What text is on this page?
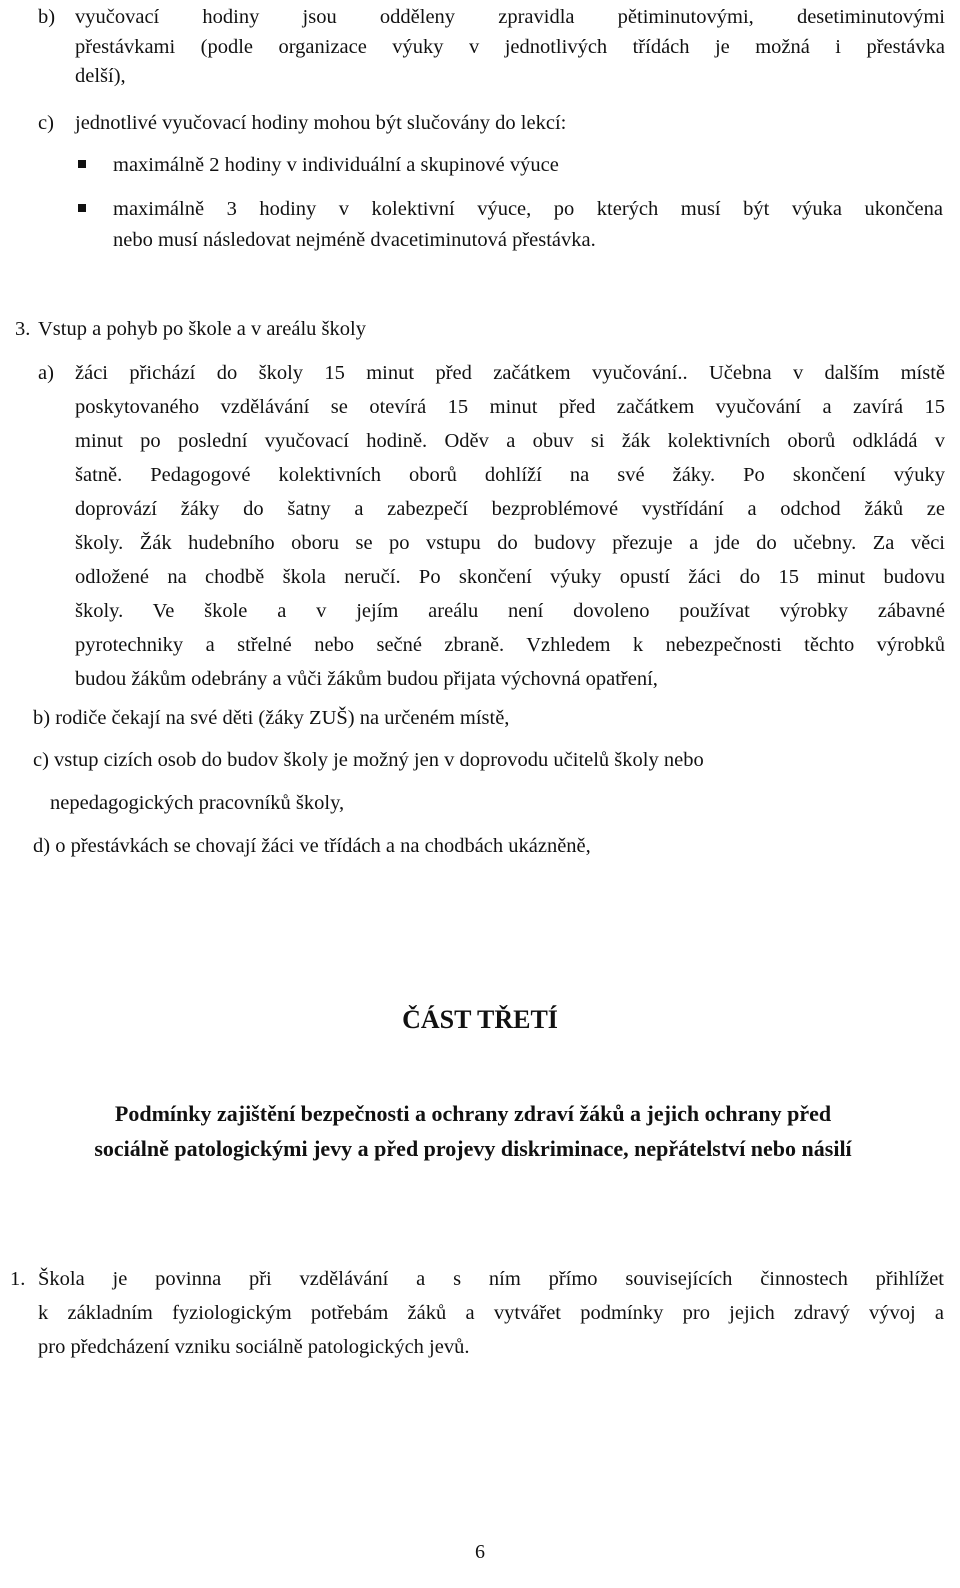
b) vyučovací hodiny jsou odděleny zpravidla pětiminutovými, desetiminutovými
přestávkami (podle organizace výuky v jednotlivých třídách je možná i přestávka
delší),
c) jednotlivé vyučovací hodiny mohou být slučovány do lekcí:
maximálně 2 hodiny v individuální a skupinové výuce
maximálně 3 hodiny v kolektivní výuce, po kterých musí být výuka ukončena
nebo musí následovat nejméně dvacetiminutová přestávka.
3. Vstup a pohyb po škole a v areálu školy
a) žáci přichází do školy 15 minut před začátkem vyučování.. Učebna v dalším místě
poskytovaného vzdělávání se otevírá 15 minut před začátkem vyučování a zavírá 15
minut po poslední vyučovací hodině. Oděv a obuv si žák kolektivních oborů odkládá v
šatně. Pedagogové kolektivních oborů dohlíží na své žáky. Po skončení výuky
doprovází žáky do šatny a zabezpečí bezproblémové vystřídání a odchod žáků ze
školy. Žák hudebního oboru se po vstupu do budovy přezuje a jde do učebny. Za věci
odložené na chodbě škola neručí. Po skončení výuky opustí žáci do 15 minut budovu
školy. Ve škole a v jejím areálu není dovoleno používat výrobky zábavné
pyrotechniky a střelné nebo sečné zbraně. Vzhledem k nebezpečnosti těchto výrobků
budou žákům odebrány a vůči žákům budou přijata výchovná opatření,
b) rodiče čekají na své děti (žáky ZUŠ) na určeném místě,
c) vstup cizích osob do budov školy je možný jen v doprovodu učitelů školy nebo
nepedagogických pracovníků školy,
d) o přestávkách se chovají žáci ve třídách a na chodbách ukázněně,
ČÁST TŘETÍ
Podmínky zajištění bezpečnosti a ochrany zdraví žáků a jejich ochrany před
sociálně patologickými jevy a před projevy diskriminace, nepřátelství nebo násilí
1. Škola je povinna při vzdělávání a s ním přímo souvisejících činnostech přihlížet
k základním fyziologickým potřebám žáků a vytvářet podmínky pro jejich zdravý vývoj a
pro předcházení vzniku sociálně patologických jevů.
6
